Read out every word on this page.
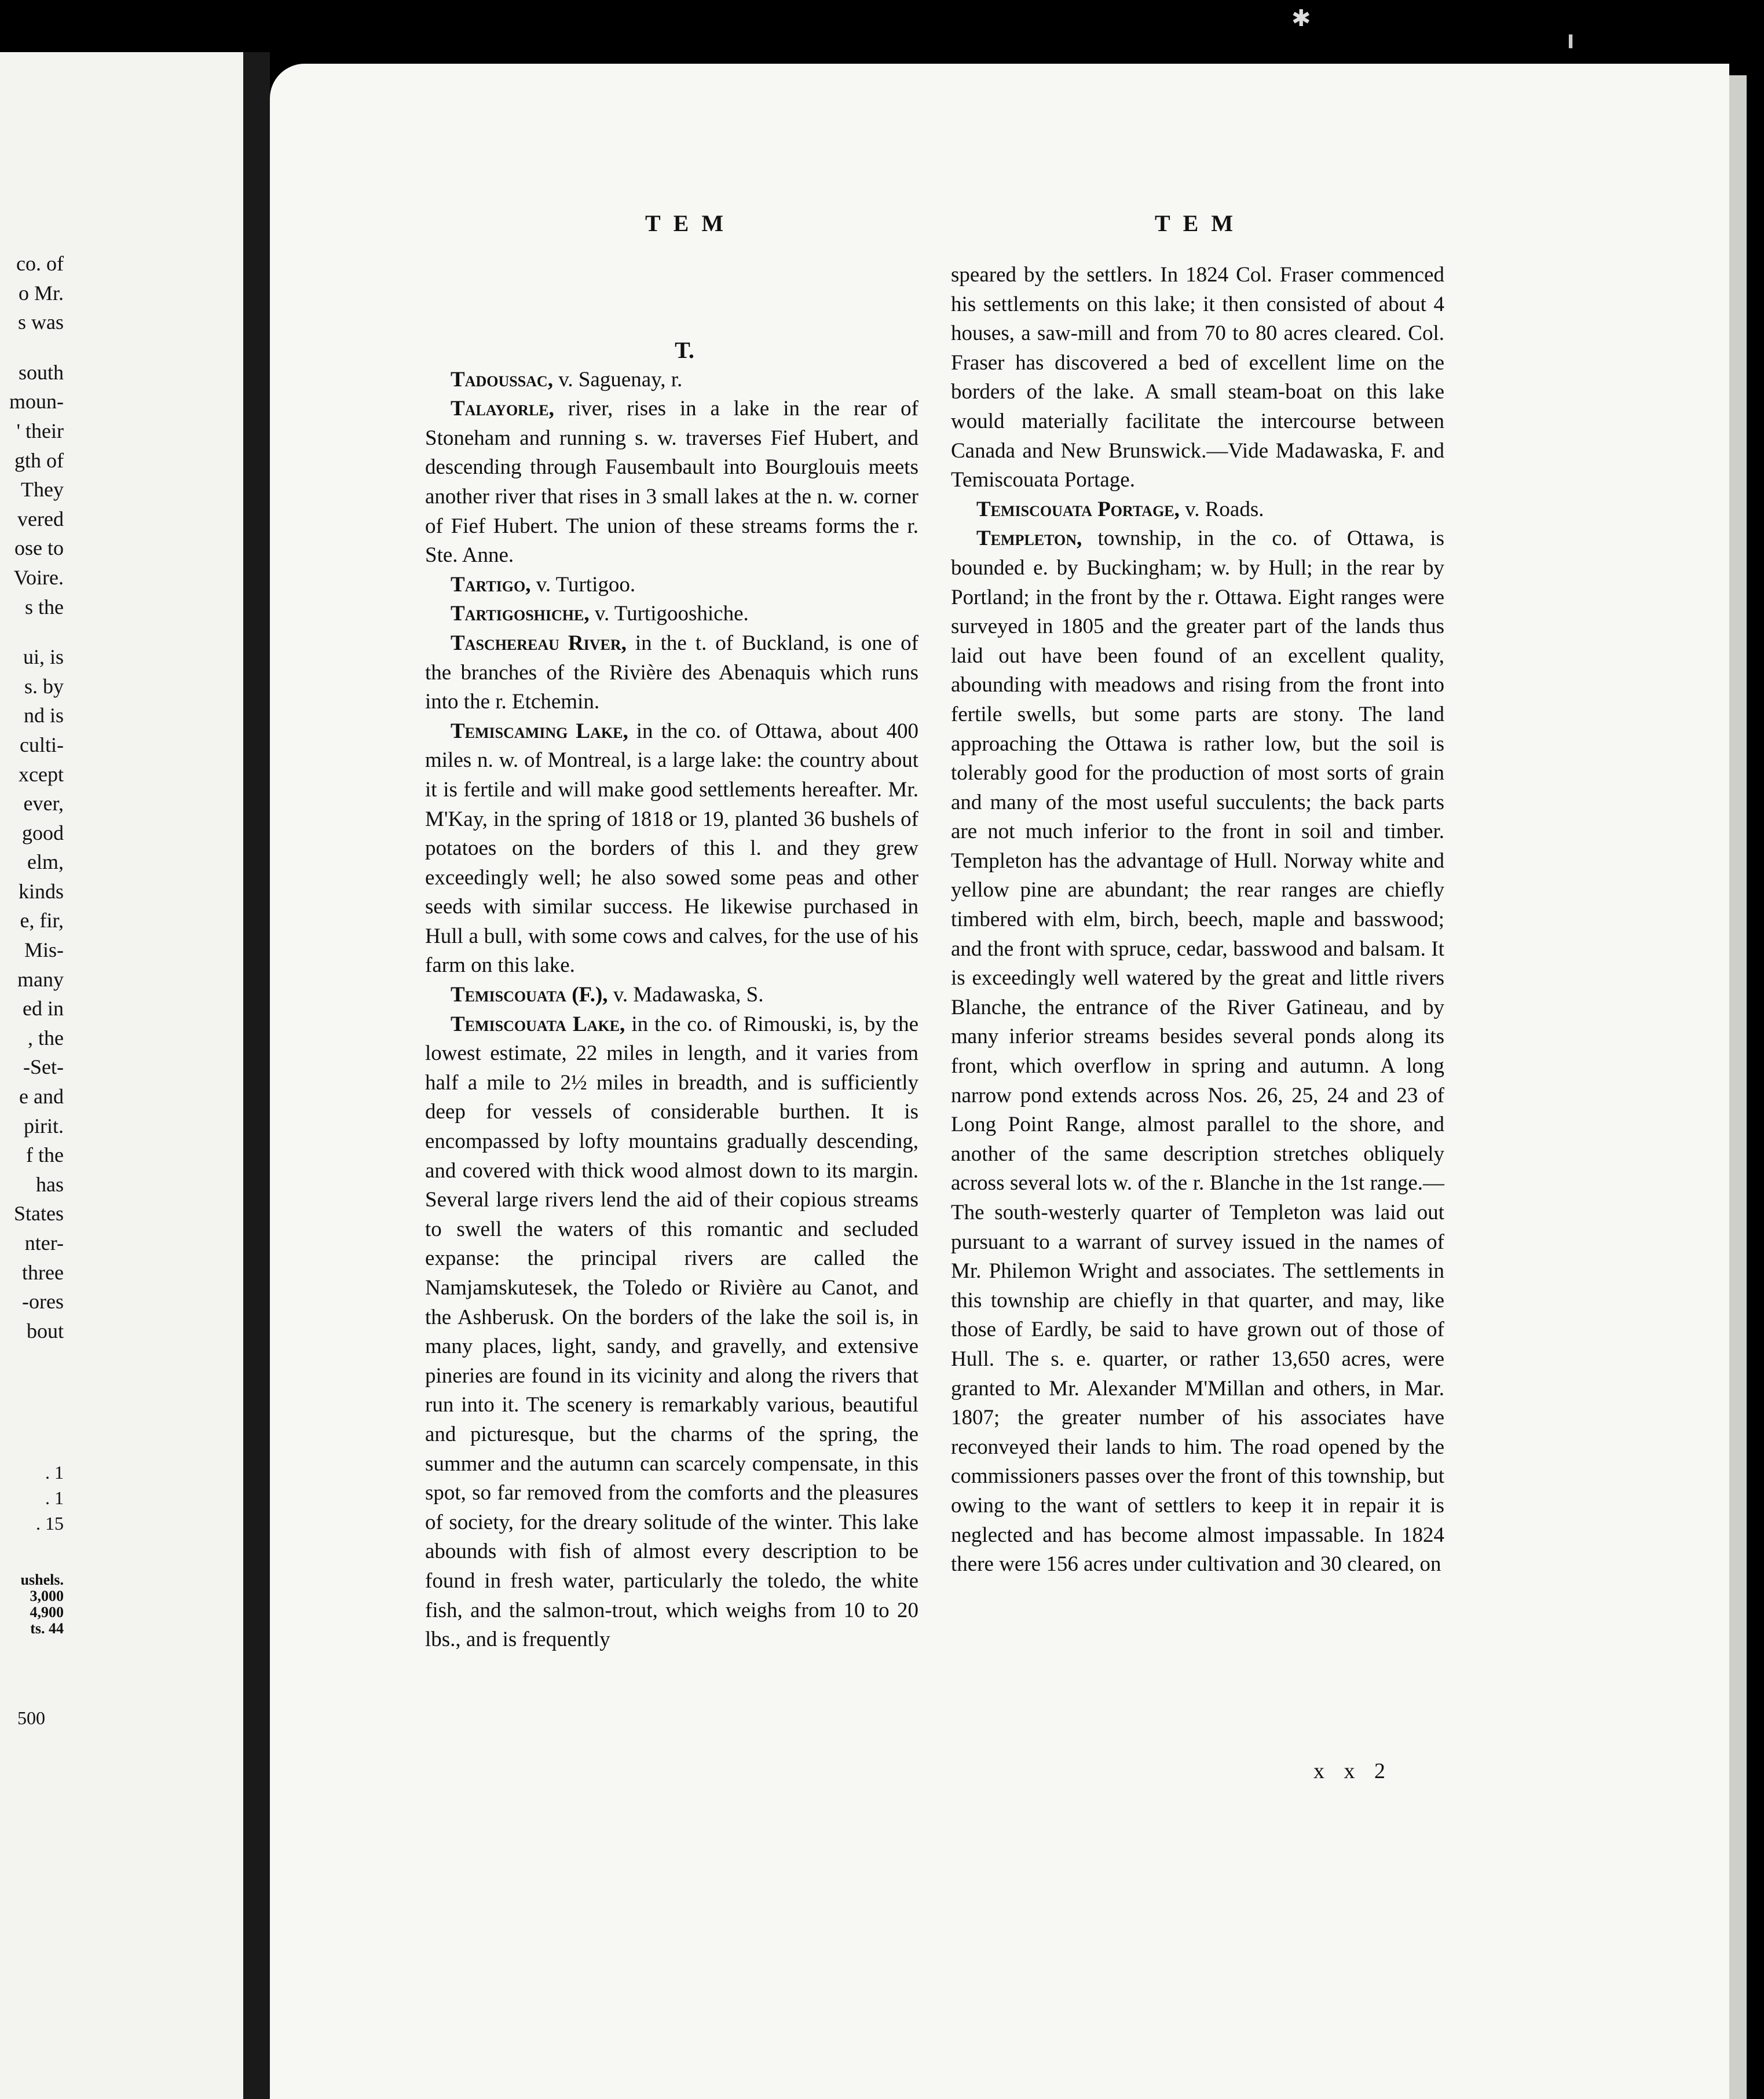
✱
╹
co. of
o Mr.
s was
south
moun-
' their
gth of
They
vered
ose to
Voire.
s the
ui, is
s. by
nd is
culti-
xcept
ever,
good
elm,
kinds
e, fir,
Mis-
many
ed in
, the
-Set-
e and
pirit.
f the
has
States
nter-
three
-ores
bout
. 1
. 1
. 15
ushels.
3,000
4,900
ts. 44
500
TEM	TEM

T.

Tadoussac, v. Saguenay, r.

Talayorle, river, rises in a lake in the rear of Stoneham and running s. w. traverses Fief Hubert, and descending through Fausembault into Bourglouis meets another river that rises in 3 small lakes at the n. w. corner of Fief Hubert. The union of these streams forms the r. Ste. Anne.

Tartigo, v. Turtigoo.

Tartigoshiche, v. Turtigooshiche.

Taschereau River, in the t. of Buckland, is one of the branches of the Rivière des Abenaquis which runs into the r. Etchemin.

Temiscaming Lake, in the co. of Ottawa, about 400 miles n. w. of Montreal, is a large lake: the country about it is fertile and will make good settlements hereafter. Mr. M'Kay, in the spring of 1818 or 19, planted 36 bushels of potatoes on the borders of this l. and they grew exceedingly well; he also sowed some peas and other seeds with similar success. He likewise purchased in Hull a bull, with some cows and calves, for the use of his farm on this lake.

Temiscouata (F.), v. Madawaska, S.

Temiscouata Lake, in the co. of Rimouski, is, by the lowest estimate, 22 miles in length, and it varies from half a mile to 2½ miles in breadth, and is sufficiently deep for vessels of considerable burthen. It is encompassed by lofty mountains gradually descending, and covered with thick wood almost down to its margin. Several large rivers lend the aid of their copious streams to swell the waters of this romantic and secluded expanse: the principal rivers are called the Namjamskutesek, the Toledo or Rivière au Canot, and the Ashberusk. On the borders of the lake the soil is, in many places, light, sandy, and gravelly, and extensive pineries are found in its vicinity and along the rivers that run into it. The scenery is remarkably various, beautiful and picturesque, but the charms of the spring, the summer and the autumn can scarcely compensate, in this spot, so far removed from the comforts and the pleasures of society, for the dreary solitude of the winter. This lake abounds with fish of almost every description to be found in fresh water, particularly the toledo, the white fish, and the salmon-trout, which weighs from 10 to 20 lbs., and is frequently

speared by the settlers. In 1824 Col. Fraser commenced his settlements on this lake; it then consisted of about 4 houses, a saw-mill and from 70 to 80 acres cleared. Col. Fraser has discovered a bed of excellent lime on the borders of the lake. A small steam-boat on this lake would materially facilitate the intercourse between Canada and New Brunswick.—Vide Madawaska, F. and Temiscouata Portage.

Temiscouata Portage, v. Roads.

Templeton, township, in the co. of Ottawa, is bounded e. by Buckingham; w. by Hull; in the rear by Portland; in the front by the r. Ottawa. Eight ranges were surveyed in 1805 and the greater part of the lands thus laid out have been found of an excellent quality, abounding with meadows and rising from the front into fertile swells, but some parts are stony. The land approaching the Ottawa is rather low, but the soil is tolerably good for the production of most sorts of grain and many of the most useful succulents; the back parts are not much inferior to the front in soil and timber. Templeton has the advantage of Hull. Norway white and yellow pine are abundant; the rear ranges are chiefly timbered with elm, birch, beech, maple and basswood; and the front with spruce, cedar, basswood and balsam. It is exceedingly well watered by the great and little rivers Blanche, the entrance of the River Gatineau, and by many inferior streams besides several ponds along its front, which overflow in spring and autumn. A long narrow pond extends across Nos. 26, 25, 24 and 23 of Long Point Range, almost parallel to the shore, and another of the same description stretches obliquely across several lots w. of the r. Blanche in the 1st range.—The south-westerly quarter of Templeton was laid out pursuant to a warrant of survey issued in the names of Mr. Philemon Wright and associates. The settlements in this township are chiefly in that quarter, and may, like those of Eardly, be said to have grown out of those of Hull. The s. e. quarter, or rather 13,650 acres, were granted to Mr. Alexander M'Millan and others, in Mar. 1807; the greater number of his associates have reconveyed their lands to him. The road opened by the commissioners passes over the front of this township, but owing to the want of settlers to keep it in repair it is neglected and has become almost impassable. In 1824 there were 156 acres under cultivation and 30 cleared, on

x x 2
